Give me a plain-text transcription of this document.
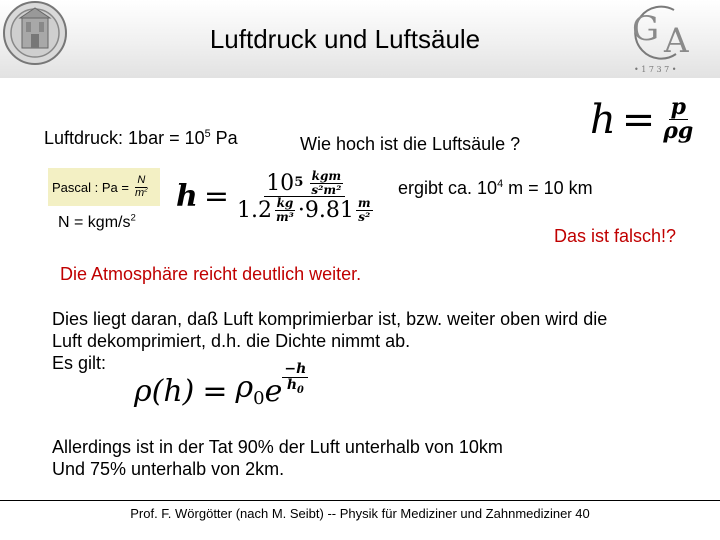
Luftdruck und Luftsäule	G A
• 1 7 3 7 •
$h = \frac{p}{\rho g}$
Luftdruck: $1bar = 10^5$ Pa	Wie hoch ist die Luftsäule ?
Pascal : $Pa = \frac{N}{m^2}$
N = kgm/$s^2$
h = 10 $5 \frac{\text{kgm}}{\text{s²m²}}$
$1.2 \frac{kg}{\text{m³}} \cdot 9.81 \frac{m}{\text{s²}}$
ergibt ca. $10^4$ m = 10 km
Das ist falsch!?
Die Atmosphäre reicht deutlich weiter.
Dies liegt daran, daß Luft komprimierbar ist, bzw. weiter oben wird die
Luft dekomprimiert, d.h. die Dichte nimmt ab.
Es gilt:
$\rho(h) = \rho_0$ e $\frac{-h}{h_0}$
Allerdings ist in der Tat 90% der Luft unterhalb von 10km
Und 75% unterhalb von 2km.
Prof. F. Wörgötter (nach M. Seibt) -- Physik für Mediziner und Zahnmediziner 40
